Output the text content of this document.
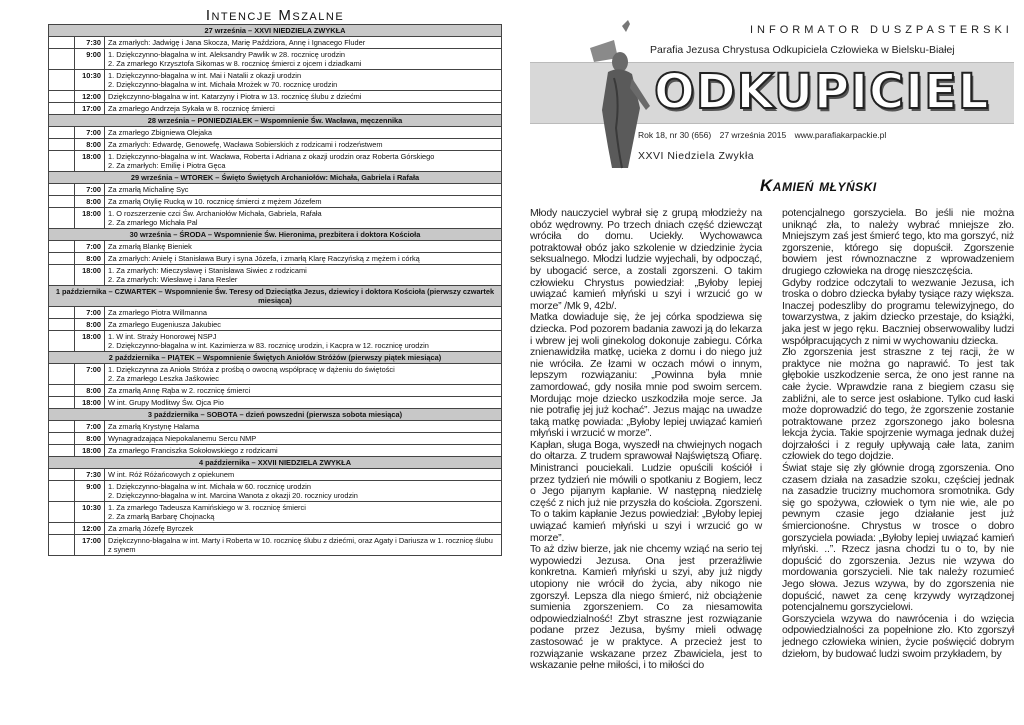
Intencje Mszalne
27 września – XXVI NIEDZIELA ZWYKŁA		
	7:30	Za zmarłych: Jadwigę i Jana Skocza, Marię Paździora, Annę i Ignacego Fluder
	9:00	1. Dziękczynno-błagalna w int. Aleksandry Pawlik w 28. rocznicę urodzin
2. Za zmarłego Krzysztofa Sikomas w 8. rocznicę śmierci z ojcem i dziadkami
	10:30	1. Dziękczynno-błagalna w int. Mai i Natalii z okazji urodzin
2. Dziękczynno-błagalna w int. Michała Mrożek w 70. rocznicę urodzin
	12:00	Dziękczynno-błagalna w int. Katarzyny i Piotra w 13. rocznicę ślubu z dziećmi
	17:00	Za zmarłego Andrzeja Sykała w 8. rocznicę śmierci
28 września – PONIEDZIAŁEK – Wspomnienie Św. Wacława, męczennika		
	7:00	Za zmarłego Zbigniewa Olejaka
	8:00	Za zmarłych: Edwardę, Genowefę, Wacława Sobierskich z rodzicami i rodzeństwem
	18:00	1. Dziękczynno-błagalna w int. Wacława, Roberta i Adriana z okazji urodzin oraz Roberta Górskiego
2. Za zmarłych: Emilię i Piotra Gęca
29 września – WTOREK – Święto Świętych Archaniołów: Michała, Gabriela i Rafała		
	7:00	Za zmarłą Michalinę Syc
	8:00	Za zmarłą Otylię Rucką w 10. rocznicę śmierci z mężem Józefem
	18:00	1. O rozszerzenie czci Św. Archaniołów Michała, Gabriela, Rafała
2. Za zmarłego Michała Pal
30 września – ŚRODA – Wspomnienie Św. Hieronima, prezbitera i doktora Kościoła		
	7:00	Za zmarłą Blankę Bieniek
	8:00	Za zmarłych: Anielę i Stanisława Bury i syna Józefa, i zmarłą Klarę Raczyńską z mężem i córką
	18:00	1. Za zmarłych: Mieczysławę i Stanisława Siwiec z rodzicami
2. Za zmarłych: Wiesławę i Jana Resler
1 października – CZWARTEK – Wspomnienie Św. Teresy od Dzieciątka Jezus, dziewicy i doktora Kościoła (pierwszy czwartek miesiąca)		
	7:00	Za zmarłego Piotra Willmanna
	8:00	Za zmarłego Eugeniusza Jakubiec
	18:00	1. W int. Straży Honorowej NSPJ
2. Dziękczynno-błagalna w int. Kazimierza w 83. rocznicę urodzin, i Kacpra w 12. rocznicę urodzin
2 października – PIĄTEK – Wspomnienie Świętych Aniołów Stróżów (pierwszy piątek miesiąca)		
	7:00	1. Dziękczynna za Anioła Stróża z prośbą o owocną współpracę w dążeniu do świętości
2. Za zmarłego Leszka Jaśkowiec
	8:00	Za zmarłą Annę Rąba w 2. rocznicę śmierci
	18:00	W int. Grupy Modlitwy Św. Ojca Pio
3 października – SOBOTA – dzień powszedni (pierwsza sobota miesiąca)		
	7:00	Za zmarłą Krystynę Halama
	8:00	Wynagradzająca Niepokalanemu Sercu NMP
	18:00	Za zmarłego Franciszka Sokołowskiego z rodzicami
4 października – XXVII NIEDZIELA ZWYKŁA		
	7:30	W int. Róż Różańcowych z opiekunem
	9:00	1. Dziękczynno-błagalna w int. Michała w 60. rocznicę urodzin
2. Dziękczynno-błagalna w int. Marcina Wanota z okazji 20. rocznicy urodzin
	10:30	1. Za zmarłego Tadeusza Kamińskiego w 3. rocznicę śmierci
2. Za zmarłą Barbarę Chojnacką
	12:00	Za zmarłą Józefę Byrczek
	17:00	Dziękczynno-błagalna w int. Marty i Roberta w 10. rocznicę ślubu z dziećmi, oraz Agaty i Dariusza w 1. rocznicę ślubu z synem
INFORMATOR DUSZPASTERSKI
Parafia Jezusa Chrystusa Odkupiciela Człowieka w Bielsku-Białej
ODKUPICIEL
Rok 18, nr 30 (656) 27 września 2015 www.parafiakarpackie.pl
XXVI Niedziela Zwykła
Kamień młyński

Młody nauczyciel wybrał się z grupą młodzieży na obóz wędrowny. Po trzech dniach część dziewcząt wróciła do domu. Uciekły. Wychowawca potraktował obóz jako szkolenie w dziedzinie życia seksualnego. Młodzi ludzie wyjechali, by odpocząć, by ubogacić serce, a zostali zgorszeni. O takim człowieku Chrystus powiedział: „Byłoby lepiej uwiązać kamień młyński u szyi i wrzucić go w morze” /Mk 9, 42b/.
Matka dowiaduje się, że jej córka spodziewa się dziecka. Pod pozorem badania zawozi ją do lekarza i wbrew jej woli ginekolog dokonuje zabiegu. Córka znienawidziła matkę, ucieka z domu i do niego już nie wróciła. Ze łzami w oczach mówi o innym, lepszym rozwiązaniu: „Powinna była mnie zamordować, gdy nosiła mnie pod swoim sercem. Mordując moje dziecko uszkodziła moje serce. Ja nie potrafię jej już kochać”. Jezus mając na uwadze taką matkę powiada: „Byłoby lepiej uwiązać kamień młyński i wrzucić w morze”.
Kapłan, sługa Boga, wyszedł na chwiejnych nogach do ołtarza. Z trudem sprawował Najświętszą Ofiarę. Ministranci pouciekali. Ludzie opuścili kościół i przez tydzień nie mówili o spotkaniu z Bogiem, lecz o Jego pijanym kapłanie. W następną niedzielę część z nich już nie przyszła do kościoła. Zgorszeni. To o takim kapłanie Jezus powiedział: „Byłoby lepiej uwiązać kamień młyński u szyi i wrzucić go w morze”.
To aż dziw bierze, jak nie chcemy wziąć na serio tej wypowiedzi Jezusa. Ona jest przerażliwie konkretna. Kamień młyński u szyi, aby już nigdy utopiony nie wrócił do życia, aby nikogo nie zgorszył. Lepsza dla niego śmierć, niż obciążenie sumienia zgorszeniem. Co za niesamowita odpowiedzialność! Zbyt straszne jest rozwiązanie podane przez Jezusa, byśmy mieli odwagę zastosować je w praktyce. A przecież jest to rozwiązanie wskazane przez Zbawiciela, jest to wskazanie pełne miłości, i to miłości do

potencjalnego gorszyciela. Bo jeśli nie można uniknąć zła, to należy wybrać mniejsze zło. Mniejszym zaś jest śmierć tego, kto ma gorszyć, niż zgorszenie, którego się dopuścił. Zgorszenie bowiem jest równoznaczne z wprowadzeniem drugiego człowieka na drogę nieszczęścia.
Gdyby rodzice odczytali to wezwanie Jezusa, ich troska o dobro dziecka byłaby tysiące razy większa. Inaczej podeszliby do programu telewizyjnego, do towarzystwa, z jakim dziecko przestaje, do książki, jaka jest w jego ręku. Baczniej obserwowaliby ludzi współpracujących z nimi w wychowaniu dziecka.
Zło zgorszenia jest straszne z tej racji, że w praktyce nie można go naprawić. To jest tak głębokie uszkodzenie serca, że ono jest ranne na całe życie. Wprawdzie rana z biegiem czasu się zabliźni, ale to serce jest osłabione. Tylko cud łaski może doprowadzić do tego, że zgorszenie zostanie potraktowane przez zgorszonego jako bolesna lekcja życia. Takie spojrzenie wymaga jednak dużej dojrzałości i z reguły upływają całe lata, zanim człowiek do tego dojdzie.
Świat staje się zły głównie drogą zgorszenia. Ono czasem działa na zasadzie szoku, częściej jednak na zasadzie trucizny muchomora sromotnika. Gdy się go spożywa, człowiek o tym nie wie, ale po pewnym czasie jego działanie jest już śmiercionośne. Chrystus w trosce o dobro gorszyciela powiada: „Byłoby lepiej uwiązać kamień młyński. ..”. Rzecz jasna chodzi tu o to, by nie dopuścić do zgorszenia. Jezus nie wzywa do mordowania gorszycieli. Nie tak należy rozumieć Jego słowa. Jezus wzywa, by do zgorszenia nie dopuścić, nawet za cenę krzywdy wyrządzonej potencjalnemu gorszycielowi.
Gorszyciela wzywa do nawrócenia i do wzięcia odpowiedzialności za popełnione zło. Kto zgorszył jednego człowieka winien, życie poświęcić dobrym dziełom, by budować ludzi swoim przykładem, by
